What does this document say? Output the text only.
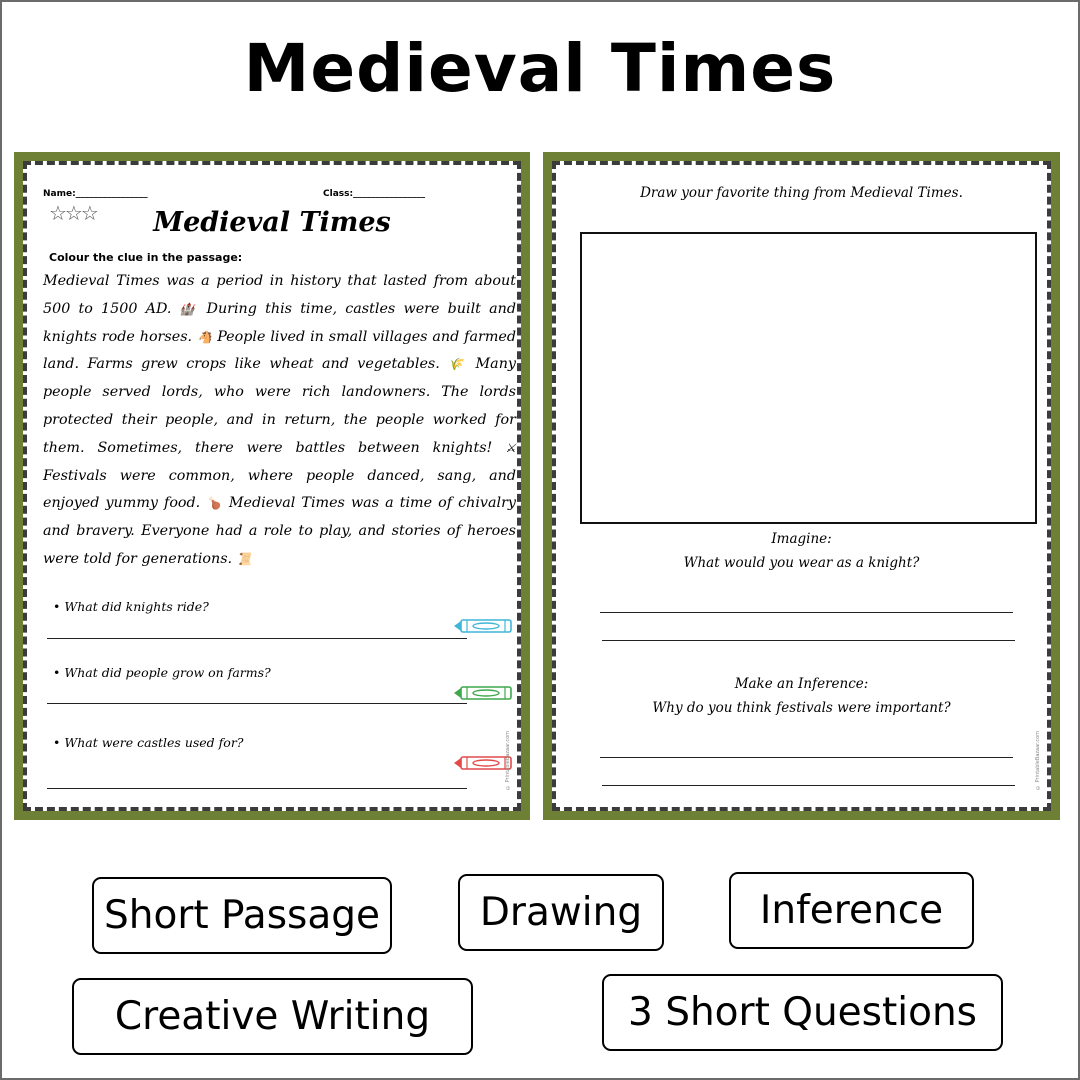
Medieval Times
Name:________________	Class:________________
☆☆☆	Medieval Times
Colour the clue in the passage:
Medieval Times was a period in history that lasted from about 500 to 1500 AD. 🏰 During this time, castles were built and knights rode horses. 🐴 People lived in small villages and farmed land. Farms grew crops like wheat and vegetables. 🌾 Many people served lords, who were rich landowners. The lords protected their people, and in return, the people worked for them. Sometimes, there were battles between knights! ⚔ Festivals were common, where people danced, sang, and enjoyed yummy food. 🍗 Medieval Times was a time of chivalry and bravery. Everyone had a role to play, and stories of heroes were told for generations. 📜
• What did knights ride?
• What did people grow on farms?
• What were castles used for?	© PrintableBazaar.com
Draw your favorite thing from Medieval Times.
Imagine:
What would you wear as a knight?
Make an Inference:
Why do you think festivals were important?
© PrintableBazaar.com
Short Passage	Drawing	Inference
Creative Writing	3 Short Questions
